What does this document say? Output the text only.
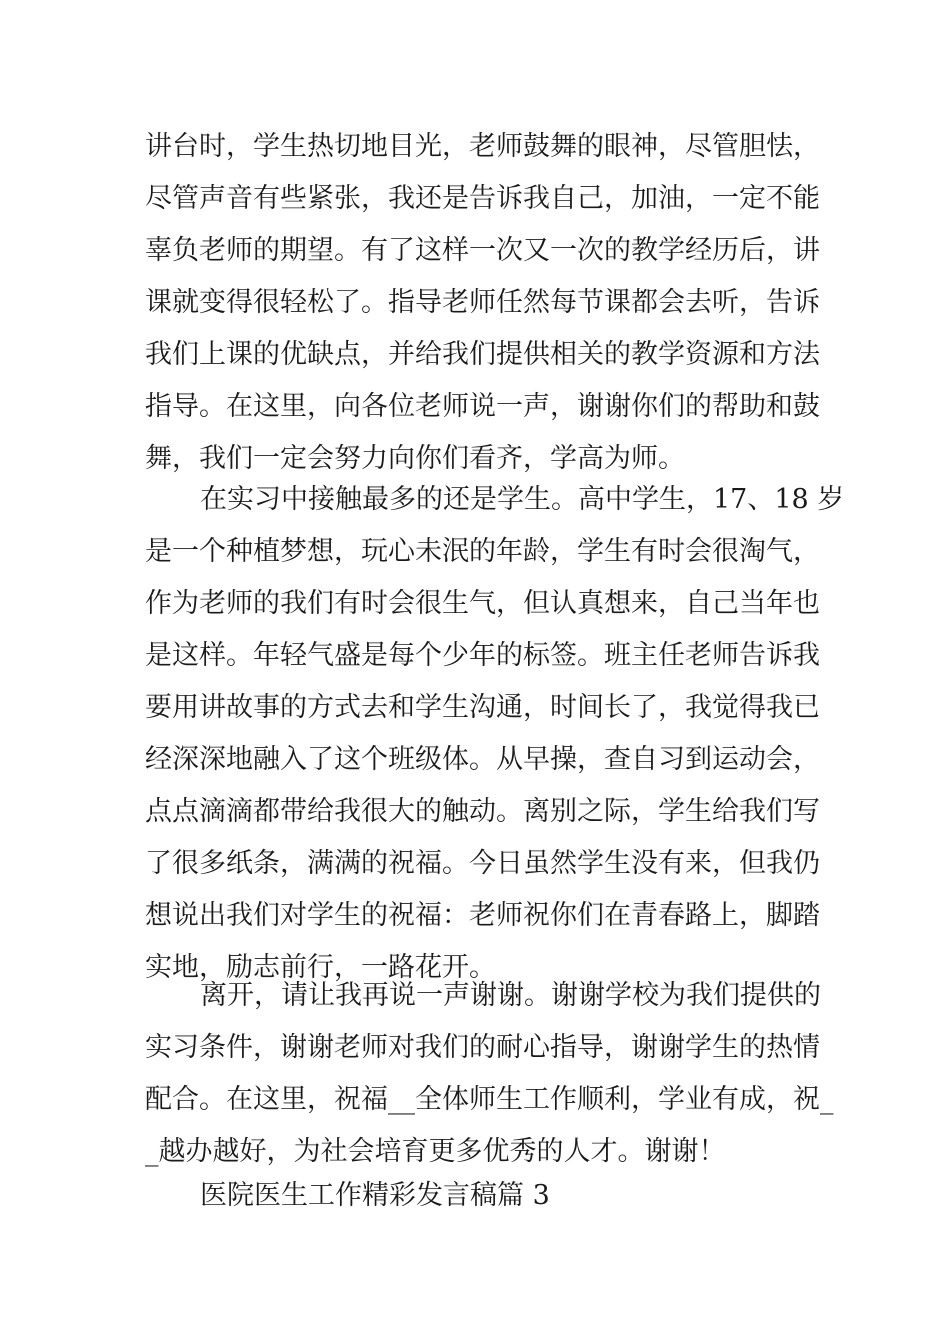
讲台时，学生热切地目光，老师鼓舞的眼神，尽管胆怯，
尽管声音有些紧张，我还是告诉我自己，加油，一定不能
辜负老师的期望。有了这样一次又一次的教学经历后，讲
课就变得很轻松了。指导老师任然每节课都会去听，告诉
我们上课的优缺点，并给我们提供相关的教学资源和方法
指导。在这里，向各位老师说一声，谢谢你们的帮助和鼓
舞，我们一定会努力向你们看齐，学高为师。
在实习中接触最多的还是学生。高中学生，17、18 岁
是一个种植梦想，玩心未泯的年龄，学生有时会很淘气，
作为老师的我们有时会很生气，但认真想来，自己当年也
是这样。年轻气盛是每个少年的标签。班主任老师告诉我
要用讲故事的方式去和学生沟通，时间长了，我觉得我已
经深深地融入了这个班级体。从早操，查自习到运动会，
点点滴滴都带给我很大的触动。离别之际，学生给我们写
了很多纸条，满满的祝福。今日虽然学生没有来，但我仍
想说出我们对学生的祝福：老师祝你们在青春路上，脚踏
实地，励志前行，一路花开。
离开，请让我再说一声谢谢。谢谢学校为我们提供的
实习条件，谢谢老师对我们的耐心指导，谢谢学生的热情
配合。在这里，祝福__全体师生工作顺利，学业有成，祝_
_越办越好，为社会培育更多优秀的人才。谢谢！
医院医生工作精彩发言稿篇 3
